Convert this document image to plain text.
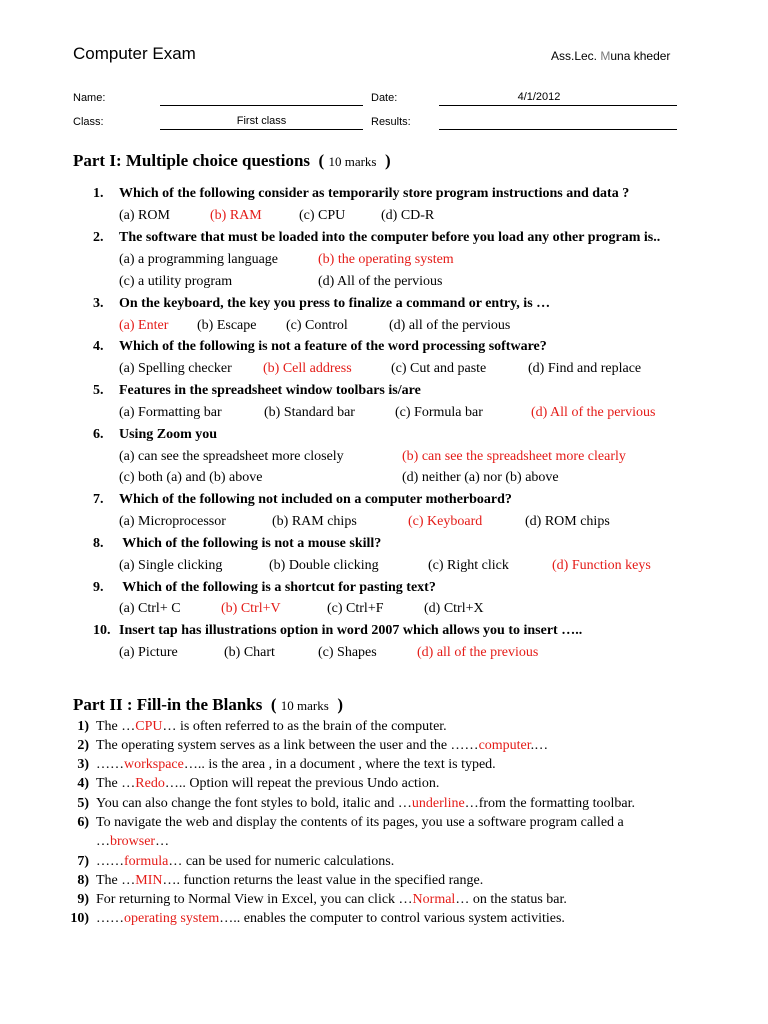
Computer Exam	Ass.Lec. Muna kheder
Name:	Date:	4/1/2012
Class:	First class	Results:
Part I: Multiple choice questions ( 10 marks )
1. Which of the following consider as temporarily store program instructions and data ?
(a) ROM	(b) RAM	(c) CPU	(d) CD-R
2. The software that must be loaded into the computer before you load any other program is..
(a) a programming language	(b) the operating system
(c) a utility program	(d) All of the pervious
3. On the keyboard, the key you press to finalize a command or entry, is …
(a) Enter (b) Escape (c) Control	(d) all of the pervious
4. Which of the following is not a feature of the word processing software?
(a) Spelling checker (b) Cell address	(c) Cut and paste	(d) Find and replace
5. Features in the spreadsheet window toolbars is/are
(a) Formatting bar	(b) Standard bar	(c) Formula bar	(d) All of the pervious
6. Using Zoom you
(a) can see the spreadsheet more closely	(b) can see the spreadsheet more clearly
(c) both (a) and (b) above	(d) neither (a) nor (b) above
7. Which of the following not included on a computer motherboard?
(a) Microprocessor	(b) RAM chips	(c) Keyboard	(d) ROM chips
8. Which of the following is not a mouse skill?
(a) Single clicking	(b) Double clicking	(c) Right click	(d) Function keys
9. Which of the following is a shortcut for pasting text?
(a) Ctrl+ C	(b) Ctrl+V	(c) Ctrl+F	(d) Ctrl+X
10. Insert tap has illustrations option in word 2007 which allows you to insert …..
(a) Picture	(b) Chart	(c) Shapes	(d) all of the previous
Part II : Fill-in the Blanks ( 10 marks )
1) The …CPU… is often referred to as the brain of the computer.
2) The operating system serves as a link between the user and the ……computer.…
3) ……workspace….. is the area , in a document , where the text is typed.
4) The …Redo….. Option will repeat the previous Undo action.
5) You can also change the font styles to bold, italic and …underline…from the formatting toolbar.
6) To navigate the web and display the contents of its pages, you use a software program called a
…browser…
7) ……formula… can be used for numeric calculations.
8) The …MIN…. function returns the least value in the specified range.
9) For returning to Normal View in Excel, you can click …Normal… on the status bar.
10) ……operating system….. enables the computer to control various system activities.
